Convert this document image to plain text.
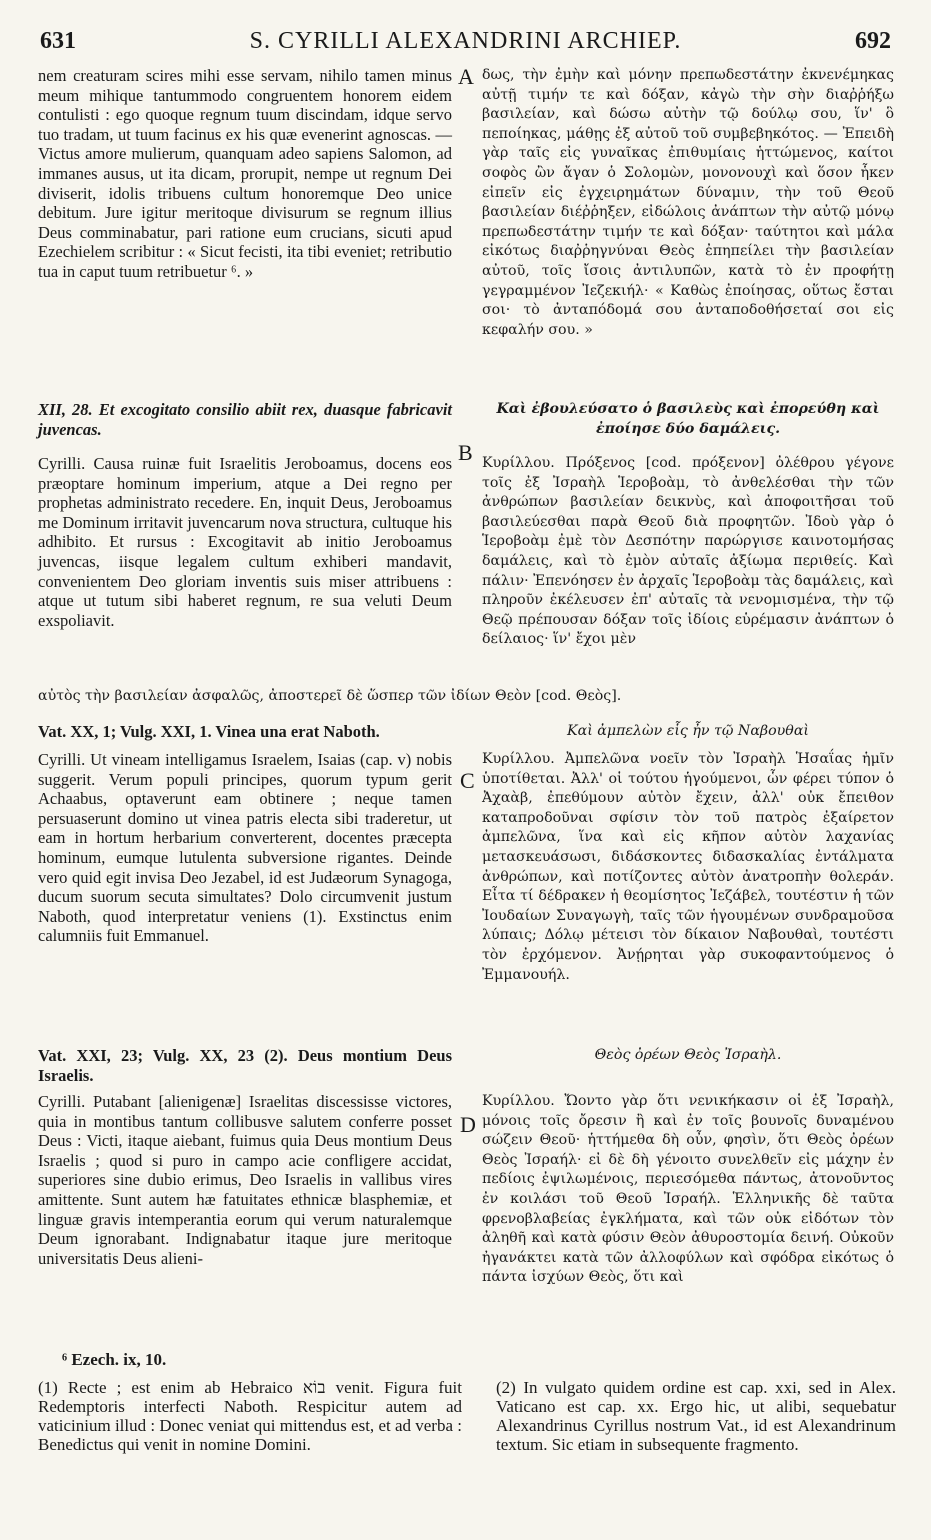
631	S. CYRILLI ALEXANDRINI ARCHIEP.	692
A
B
C
D

nem creaturam scires mihi esse servam, nihilo tamen minus meum mihique tantummodo congruentem honorem eidem contulisti : ego quoque regnum tuum discindam, idque servo tuo tradam, ut tuum facinus ex his quæ evenerint agnoscas. — Victus amore mulierum, quanquam adeo sapiens Salomon, ad immanes ausus, ut ita dicam, prorupit, nempe ut regnum Dei diviserit, idolis tribuens cultum honoremque Deo unice debitum. Jure igitur meritoque divisurum se regnum illius Deus comminabatur, pari ratione eum crucians, sicuti apud Ezechielem scribitur : « Sicut fecisti, ita tibi eveniet; retributio tua in caput tuum retribuetur ⁶. »

XII, 28. Et excogitato consilio abiit rex, duasque fabricavit juvencas.

Cyrilli. Causa ruinæ fuit Israelitis Jeroboamus, docens eos præoptare hominum imperium, atque a Dei regno per prophetas administrato recedere. En, inquit Deus, Jeroboamus me Dominum irritavit juvencarum nova structura, cultuque his adhibito. Et rursus : Excogitavit ab initio Jeroboamus juvencas, iisque legalem cultum exhiberi mandavit, convenientem Deo gloriam inventis suis miser attribuens : atque ut tutum sibi haberet regnum, re sua veluti Deum exspoliavit.

Vat. XX, 1; Vulg. XXI, 1. Vinea una erat Naboth.

Cyrilli. Ut vineam intelligamus Israelem, Isaias (cap. v) nobis suggerit. Verum populi principes, quorum typum gerit Achaabus, optaverunt eam obtinere ; neque tamen persuaserunt domino ut vinea patris electa sibi traderetur, ut eam in hortum herbarium converterent, docentes præcepta hominum, eumque lutulenta subversione rigantes. Deinde vero quid egit invisa Deo Jezabel, id est Judæorum Synagoga, ducum suorum secuta simultates? Dolo circumvenit justum Naboth, quod interpretatur veniens (1). Exstinctus enim calumniis fuit Emmanuel.

Vat. XXI, 23; Vulg. XX, 23 (2). Deus montium Deus Israelis.

Cyrilli. Putabant [alienigenæ] Israelitas discessisse victores, quia in montibus tantum collibusve salutem conferre posset Deus : Victi, itaque aiebant, fuimus quia Deus montium Deus Israelis ; quod si puro in campo acie confligere accidat, superiores sine dubio erimus, Deo Israelis in vallibus vires amittente. Sunt autem hæ fatuitates ethnicæ blasphemiæ, et linguæ gravis intemperantia eorum qui verum naturalemque Deum ignorabant. Indignabatur itaque jure meritoque universitatis Deus alieni-

δως, τὴν ἐμὴν καὶ μόνην πρεπωδεστάτην ἐκνενέμηκας αὐτῇ τιμήν τε καὶ δόξαν, κἀγὼ τὴν σὴν διαῤῥήξω βασιλείαν, καὶ δώσω αὐτὴν τῷ δούλῳ σου, ἵν' ὃ πεποίηκας, μάθῃς ἐξ αὐτοῦ τοῦ συμβεβηκότος. — Ἐπειδὴ γὰρ ταῖς εἰς γυναῖκας ἐπιθυμίαις ἡττώμενος, καίτοι σοφὸς ὢν ἄγαν ὁ Σολομὼν, μονονουχὶ καὶ ὅσον ἧκεν εἰπεῖν εἰς ἐγχειρημάτων δύναμιν, τὴν τοῦ Θεοῦ βασιλείαν διέῤῥηξεν, εἰδώλοις ἀνάπτων τὴν αὐτῷ μόνῳ πρεπωδεστάτην τιμήν τε καὶ δόξαν· ταύτητοι καὶ μάλα εἰκότως διαῤῥηγνύναι Θεὸς ἐπηπείλει τὴν βασιλείαν αὐτοῦ, τοῖς ἴσοις ἀντιλυπῶν, κατὰ τὸ ἐν προφήτῃ γεγραμμένον Ἰεζεκιήλ· « Καθὼς ἐποίησας, οὕτως ἔσται σοι· τὸ ἀνταπόδομά σου ἀνταποδοθήσεταί σοι εἰς κεφαλήν σου. »

Καὶ ἐβουλεύσατο ὁ βασιλεὺς καὶ ἐπορεύθη καὶ ἐποίησε δύο δαμάλεις.

Κυρίλλου. Πρόξενος [cod. πρόξενον] ὀλέθρου γέγονε τοῖς ἐξ Ἰσραὴλ Ἱεροβοὰμ, τὸ ἀνθελέσθαι τὴν τῶν ἀνθρώπων βασιλείαν δεικνὺς, καὶ ἀποφοιτῆσαι τοῦ βασιλεύεσθαι παρὰ Θεοῦ διὰ προφητῶν. Ἰδοὺ γὰρ ὁ Ἱεροβοὰμ ἐμὲ τὸν Δεσπότην παρώργισε καινοτομήσας δαμάλεις, καὶ τὸ ἐμὸν αὐταῖς ἀξίωμα περιθείς. Καὶ πάλιν· Ἐπενόησεν ἐν ἀρχαῖς Ἱεροβοὰμ τὰς δαμάλεις, καὶ πληροῦν ἐκέλευσεν ἐπ' αὐταῖς τὰ νενομισμένα, τὴν τῷ Θεῷ πρέπουσαν δόξαν τοῖς ἰδίοις εὑρέμασιν ἀνάπτων ὁ δείλαιος· ἵν' ἔχοι μὲν

Καὶ ἀμπελὼν εἷς ἦν τῷ Ναβουθαὶ

Κυρίλλου. Ἀμπελῶνα νοεῖν τὸν Ἰσραὴλ Ἡσαΐας ἡμῖν ὑποτίθεται. Ἀλλ' οἱ τούτου ἡγούμενοι, ὧν φέρει τύπον ὁ Ἀχαὰβ, ἐπεθύμουν αὐτὸν ἔχειν, ἀλλ' οὐκ ἔπειθον καταπροδοῦναι σφίσιν τὸν τοῦ πατρὸς ἐξαίρετον ἀμπελῶνα, ἵνα καὶ εἰς κῆπον αὐτὸν λαχανίας μετασκευάσωσι, διδάσκοντες διδασκαλίας ἐντάλματα ἀνθρώπων, καὶ ποτίζοντες αὐτὸν ἀνατροπὴν θολεράν. Εἶτα τί δέδρακεν ἡ θεομίσητος Ἰεζάβελ, τουτέστιν ἡ τῶν Ἰουδαίων Συναγωγὴ, ταῖς τῶν ἡγουμένων συνδραμοῦσα λύπαις; Δόλῳ μέτεισι τὸν δίκαιον Ναβουθαὶ, τουτέστι τὸν ἐρχόμενον. Ἀνῄρηται γὰρ συκοφαντούμενος ὁ Ἐμμανουήλ.

Θεὸς ὀρέων Θεὸς Ἰσραὴλ.

Κυρίλλου. Ὤοντο γὰρ ὅτι νενικήκασιν οἱ ἐξ Ἰσραὴλ, μόνοις τοῖς ὄρεσιν ἢ καὶ ἐν τοῖς βουνοῖς δυναμένου σώζειν Θεοῦ· ἡττήμεθα δὴ οὖν, φησὶν, ὅτι Θεὸς ὀρέων Θεὸς Ἰσραήλ· εἰ δὲ δὴ γένοιτο συνελθεῖν εἰς μάχην ἐν πεδίοις ἐψιλωμένοις, περιεσόμεθα πάντως, ἀτονοῦντος ἐν κοιλάσι τοῦ Θεοῦ Ἰσραήλ. Ἑλληνικῆς δὲ ταῦτα φρενοβλαβείας ἐγκλήματα, καὶ τῶν οὐκ εἰδότων τὸν ἀληθῆ καὶ κατὰ φύσιν Θεὸν ἀθυροστομία δεινή. Οὐκοῦν ἠγανάκτει κατὰ τῶν ἀλλοφύλων καὶ σφόδρα εἰκότως ὁ πάντα ἰσχύων Θεὸς, ὅτι καὶ

αὐτὸς τὴν βασιλείαν ἀσφαλῶς, ἀποστερεῖ δὲ ὥσπερ τῶν ἰδίων Θεὸν [cod. Θεὸς].

⁶ Ezech. ix, 10.

(1) Recte ; est enim ab Hebraico בוֹא venit. Figura fuit Redemptoris interfecti Naboth. Respicitur autem ad vaticinium illud : Donec veniat qui mittendus est, et ad verba : Benedictus qui venit in nomine Domini.

(2) In vulgato quidem ordine est cap. xxi, sed in Alex. Vaticano est cap. xx. Ergo hic, ut alibi, sequebatur Alexandrinus Cyrillus nostrum Vat., id est Alexandrinum textum. Sic etiam in subsequente fragmento.
